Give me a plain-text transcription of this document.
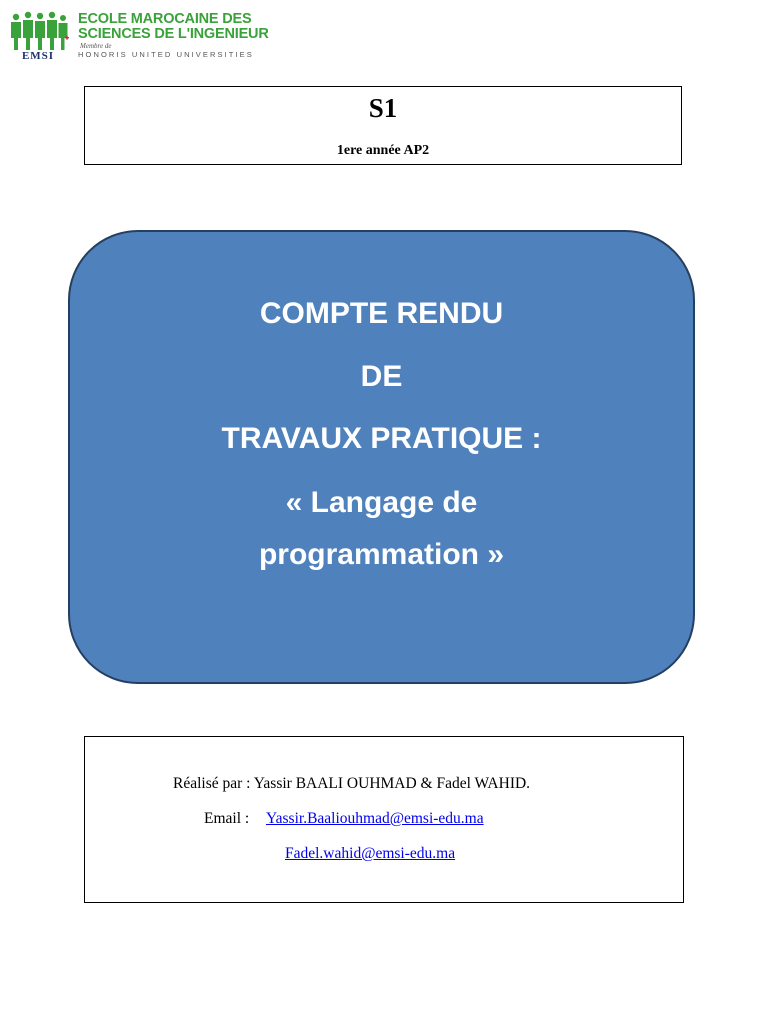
EMSI
ECOLE MAROCAINE DES
SCIENCES DE L'INGENIEUR
Membre de
HONORIS UNITED UNIVERSITIES
S1
1ere année AP2
COMPTE RENDU
DE
TRAVAUX PRATIQUE :
« Langage de
programmation »
Réalisé par : Yassir BAALI OUHMAD & Fadel WAHID.
Email : Yassir.Baaliouhmad@emsi-edu.ma
Fadel.wahid@emsi-edu.ma
